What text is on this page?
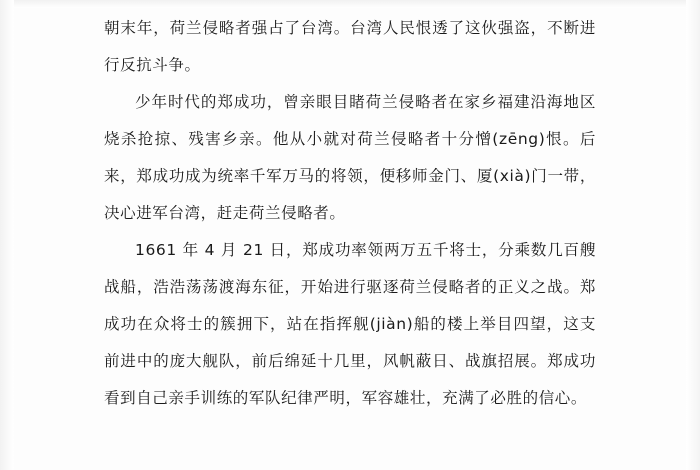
朝末年，荷兰侵略者强占了台湾。台湾人民恨透了这伙强盗，不断进行反抗斗争。

少年时代的郑成功，曾亲眼目睹荷兰侵略者在家乡福建沿海地区烧杀抢掠、残害乡亲。他从小就对荷兰侵略者十分憎(zēng)恨。后来，郑成功成为统率千军万马的将领，便移师金门、厦(xià)门一带，决心进军台湾，赶走荷兰侵略者。

1661 年 4 月 21 日，郑成功率领两万五千将士，分乘数几百艘战船，浩浩荡荡渡海东征，开始进行驱逐荷兰侵略者的正义之战。郑成功在众将士的簇拥下，站在指挥舰(jiàn)船的楼上举目四望，这支前进中的庞大舰队，前后绵延十几里，风帆蔽日、战旗招展。郑成功看到自己亲手训练的军队纪律严明，军容雄壮，充满了必胜的信心。
